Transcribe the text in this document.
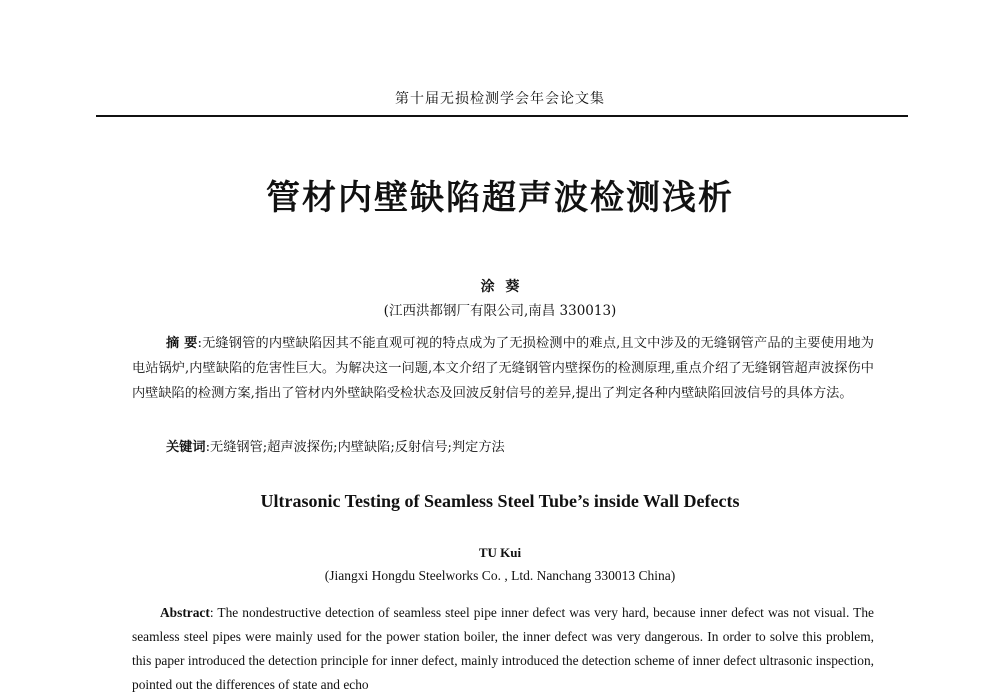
第十届无损检测学会年会论文集
管材内壁缺陷超声波检测浅析
涂 葵
(江西洪都钢厂有限公司,南昌 330013)

摘 要:无缝钢管的内壁缺陷因其不能直观可视的特点成为了无损检测中的难点,且文中涉及的无缝钢管产品的主要使用地为电站锅炉,内壁缺陷的危害性巨大。为解决这一问题,本文介绍了无缝钢管内壁探伤的检测原理,重点介绍了无缝钢管超声波探伤中内壁缺陷的检测方案,指出了管材内外壁缺陷受检状态及回波反射信号的差异,提出了判定各种内壁缺陷回波信号的具体方法。

关键词:无缝钢管;超声波探伤;内壁缺陷;反射信号;判定方法
Ultrasonic Testing of Seamless Steel Tube’s inside Wall Defects
TU Kui
(Jiangxi Hongdu Steelworks Co. , Ltd. Nanchang 330013 China)

Abstract: The nondestructive detection of seamless steel pipe inner defect was very hard, because inner defect was not visual. The seamless steel pipes were mainly used for the power station boiler, the inner defect was very dangerous. In order to solve this problem, this paper introduced the detection principle for inner defect, mainly introduced the detection scheme of inner defect ultrasonic inspection, pointed out the differences of state and echo
